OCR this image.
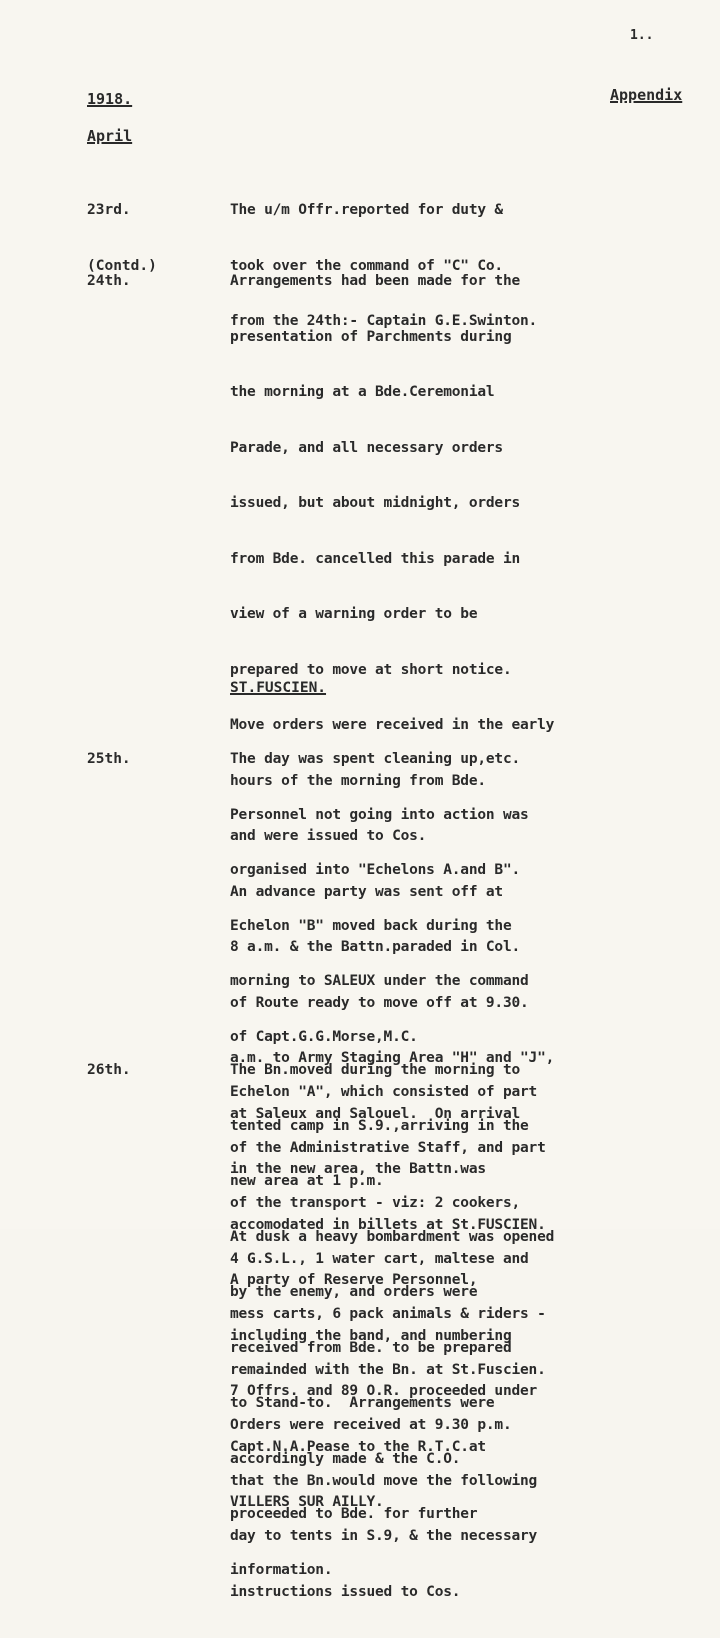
1..
1918.	Appendix
April

23rd.

(Contd.)

The u/m Offr.reported for duty &

took over the command of "C" Co.

from the 24th:- Captain G.E.Swinton.

24th.

	Arrangements had been made for the

presentation of Parchments during

the morning at a Bde.Ceremonial

Parade, and all necessary orders

issued, but about midnight, orders

from Bde. cancelled this parade in

view of a warning order to be

prepared to move at short notice.

Move orders were received in the early

hours of the morning from Bde.

and were issued to Cos.

An advance party was sent off at

8 a.m. & the Battn.paraded in Col.

of Route ready to move off at 9.30.

a.m. to Army Staging Area "H" and "J",

at Saleux and Salouel.  On arrival

in the new area, the Battn.was

accomodated in billets at St.FUSCIEN.

A party of Reserve Personnel,

including the band, and numbering

7 Offrs. and 89 O.R. proceeded under

Capt.N.A.Pease to the R.T.C.at

VILLERS SUR AILLY.

ST.FUSCIEN.

25th.

	The day was spent cleaning up,etc.

Personnel not going into action was

organised into "Echelons A.and B".

Echelon "B" moved back during the

morning to SALEUX under the command

of Capt.G.G.Morse,M.C.

Echelon "A", which consisted of part

of the Administrative Staff, and part

of the transport - viz: 2 cookers,

4 G.S.L., 1 water cart, maltese and

mess carts, 6 pack animals & riders -

remainded with the Bn. at St.Fuscien.

Orders were received at 9.30 p.m.

that the Bn.would move the following

day to tents in S.9, & the necessary

instructions issued to Cos.

26th.

	The Bn.moved during the morning to

tented camp in S.9.,arriving in the

new area at 1 p.m.

At dusk a heavy bombardment was opened

by the enemy, and orders were

received from Bde. to be prepared

to Stand-to.  Arrangements were

accordingly made & the C.O.

proceeded to Bde. for further

information.
